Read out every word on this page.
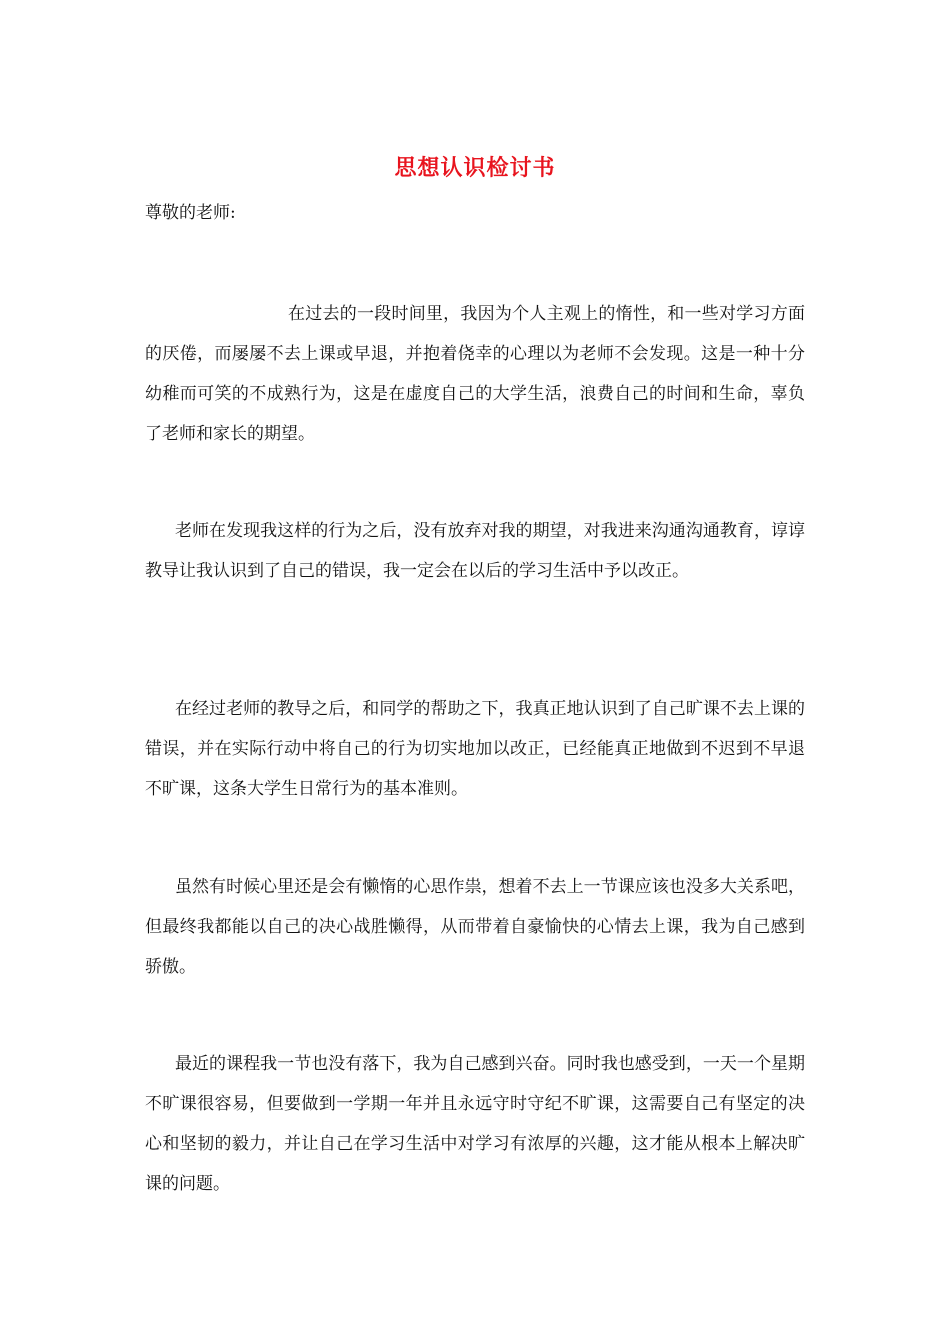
思想认识检讨书
尊敬的老师:

在过去的一段时间里，我因为个人主观上的惰性，和一些对学习方面的厌倦，而屡屡不去上课或早退，并抱着侥幸的心理以为老师不会发现。这是一种十分幼稚而可笑的不成熟行为，这是在虚度自己的大学生活，浪费自己的时间和生命，辜负了老师和家长的期望。

老师在发现我这样的行为之后，没有放弃对我的期望，对我进来沟通沟通教育，谆谆教导让我认识到了自己的错误，我一定会在以后的学习生活中予以改正。

在经过老师的教导之后，和同学的帮助之下，我真正地认识到了自己旷课不去上课的错误，并在实际行动中将自己的行为切实地加以改正，已经能真正地做到不迟到不早退不旷课，这条大学生日常行为的基本准则。

虽然有时候心里还是会有懒惰的心思作祟，想着不去上一节课应该也没多大关系吧，但最终我都能以自己的决心战胜懒得，从而带着自豪愉快的心情去上课，我为自己感到骄傲。

最近的课程我一节也没有落下，我为自己感到兴奋。同时我也感受到，一天一个星期不旷课很容易，但要做到一学期一年并且永远守时守纪不旷课，这需要自己有坚定的决心和坚韧的毅力，并让自己在学习生活中对学习有浓厚的兴趣，这才能从根本上解决旷课的问题。
